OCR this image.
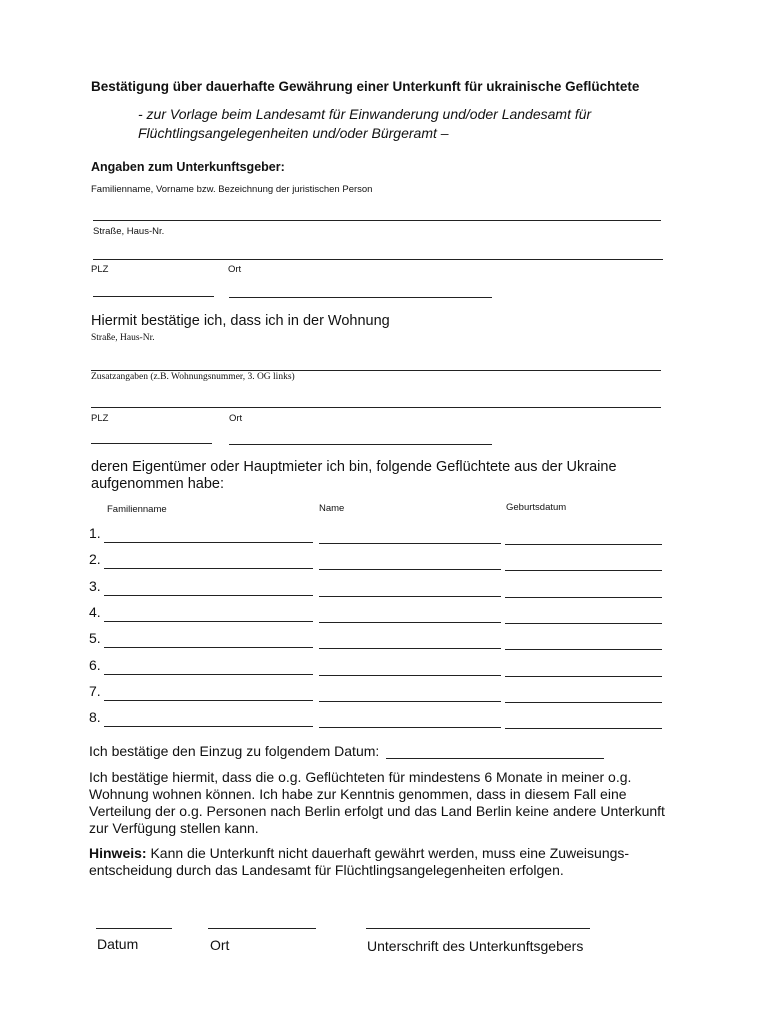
Bestätigung über dauerhafte Gewährung einer Unterkunft für ukrainische Geflüchtete
- zur Vorlage beim Landesamt für Einwanderung und/oder Landesamt für Flüchtlingsangelegenheiten und/oder Bürgeramt –
Angaben zum Unterkunftsgeber:
Familienname, Vorname bzw. Bezeichnung der juristischen Person
Straße, Haus-Nr.
PLZ	Ort
Hiermit bestätige ich, dass ich in der Wohnung
Straße, Haus-Nr.
Zusatzangaben (z.B. Wohnungsnummer, 3. OG links)
PLZ	Ort
deren Eigentümer oder Hauptmieter ich bin, folgende Geflüchtete aus der Ukraine aufgenommen habe:
Familienname	Name	Geburtsdatum
1.
2.
3.
4.
5.
6.
7.
8.
Ich bestätige den Einzug zu folgendem Datum:
Ich bestätige hiermit, dass die o.g. Geflüchteten für mindestens 6 Monate in meiner o.g. Wohnung wohnen können. Ich habe zur Kenntnis genommen, dass in diesem Fall eine Verteilung der o.g. Personen nach Berlin erfolgt und das Land Berlin keine andere Unterkunft zur Verfügung stellen kann.
Hinweis: Kann die Unterkunft nicht dauerhaft gewährt werden, muss eine Zuweisungs-entscheidung durch das Landesamt für Flüchtlingsangelegenheiten erfolgen.
Datum	Ort	Unterschrift des Unterkunftsgebers
